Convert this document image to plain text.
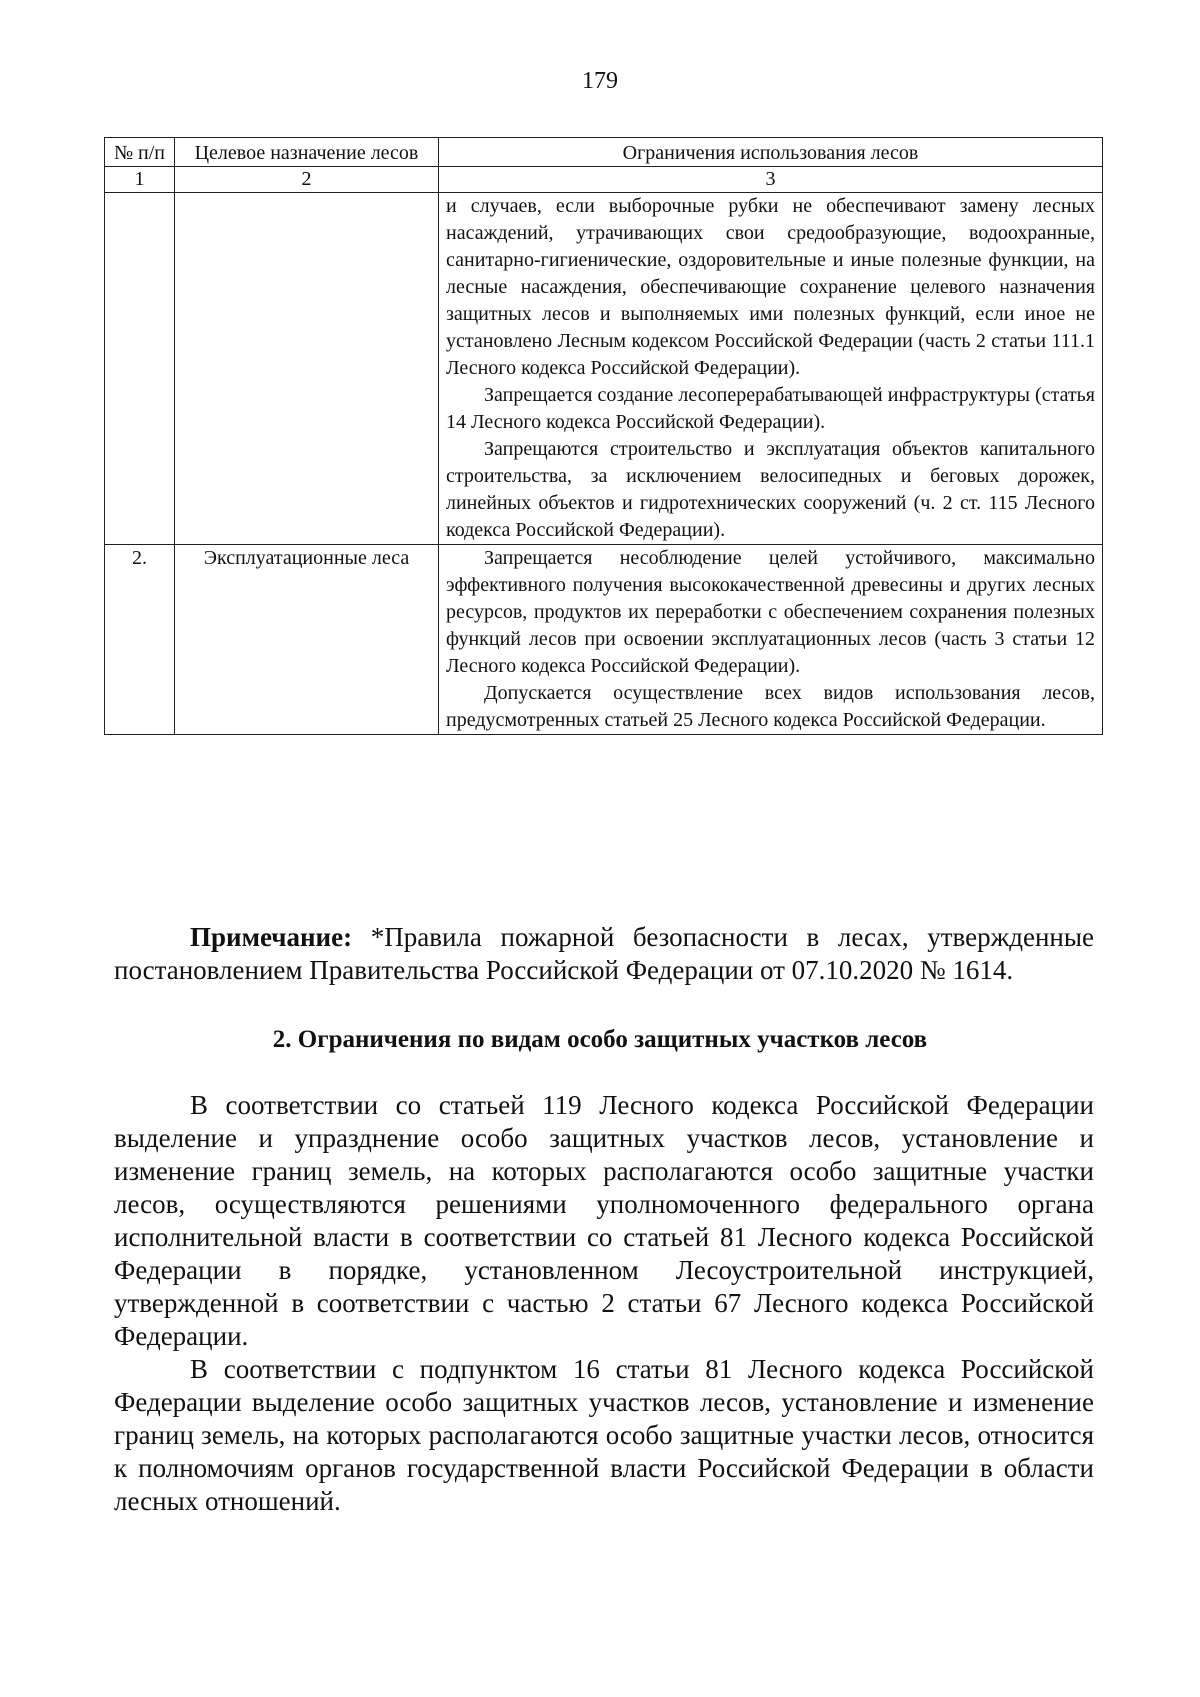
179
№ п/п	Целевое назначение лесов	Ограничения использования лесов
1	2	3

		и случаев, если выборочные рубки не обеспечивают замену лесных насаждений, утрачивающих свои средообразующие, водоохранные, санитарно-гигиенические, оздоровительные и иные полезные функции, на лесные насаждения, обеспечивающие сохранение целевого назначения защитных лесов и выполняемых ими полезных функций, если иное не установлено Лесным кодексом Российской Федерации (часть 2 статьи 111.1 Лесного кодекса Российской Федерации).

Запрещается создание лесоперерабатывающей инфраструктуры (статья 14 Лесного кодекса Российской Федерации).

Запрещаются строительство и эксплуатация объектов капитального строительства, за исключением велосипедных и беговых дорожек, линейных объектов и гидротехнических сооружений (ч. 2 ст. 115 Лесного кодекса Российской Федерации).

2.	Эксплуатационные леса	Запрещается несоблюдение целей устойчивого, максимально эффективного получения высококачественной древесины и других лесных ресурсов, продуктов их переработки с обеспечением сохранения полезных функций лесов при освоении эксплуатационных лесов (часть 3 статьи 12 Лесного кодекса Российской Федерации).

Допускается осуществление всех видов использования лесов, предусмотренных статьей 25 Лесного кодекса Российской Федерации.

Примечание: *Правила пожарной безопасности в лесах, утвержденные постановлением Правительства Российской Федерации от 07.10.2020 № 1614.

2. Ограничения по видам особо защитных участков лесов

В соответствии со статьей 119 Лесного кодекса Российской Федерации выделение и упразднение особо защитных участков лесов, установление и изменение границ земель, на которых располагаются особо защитные участки лесов, осуществляются решениями уполномоченного федерального органа исполнительной власти в соответствии со статьей 81 Лесного кодекса Российской Федерации в порядке, установленном Лесоустроительной инструкцией, утвержденной в соответствии с частью 2 статьи 67 Лесного кодекса Российской Федерации.

В соответствии с подпунктом 16 статьи 81 Лесного кодекса Российской Федерации выделение особо защитных участков лесов, установление и изменение границ земель, на которых располагаются особо защитные участки лесов, относится к полномочиям органов государственной власти Российской Федерации в области лесных отношений.
